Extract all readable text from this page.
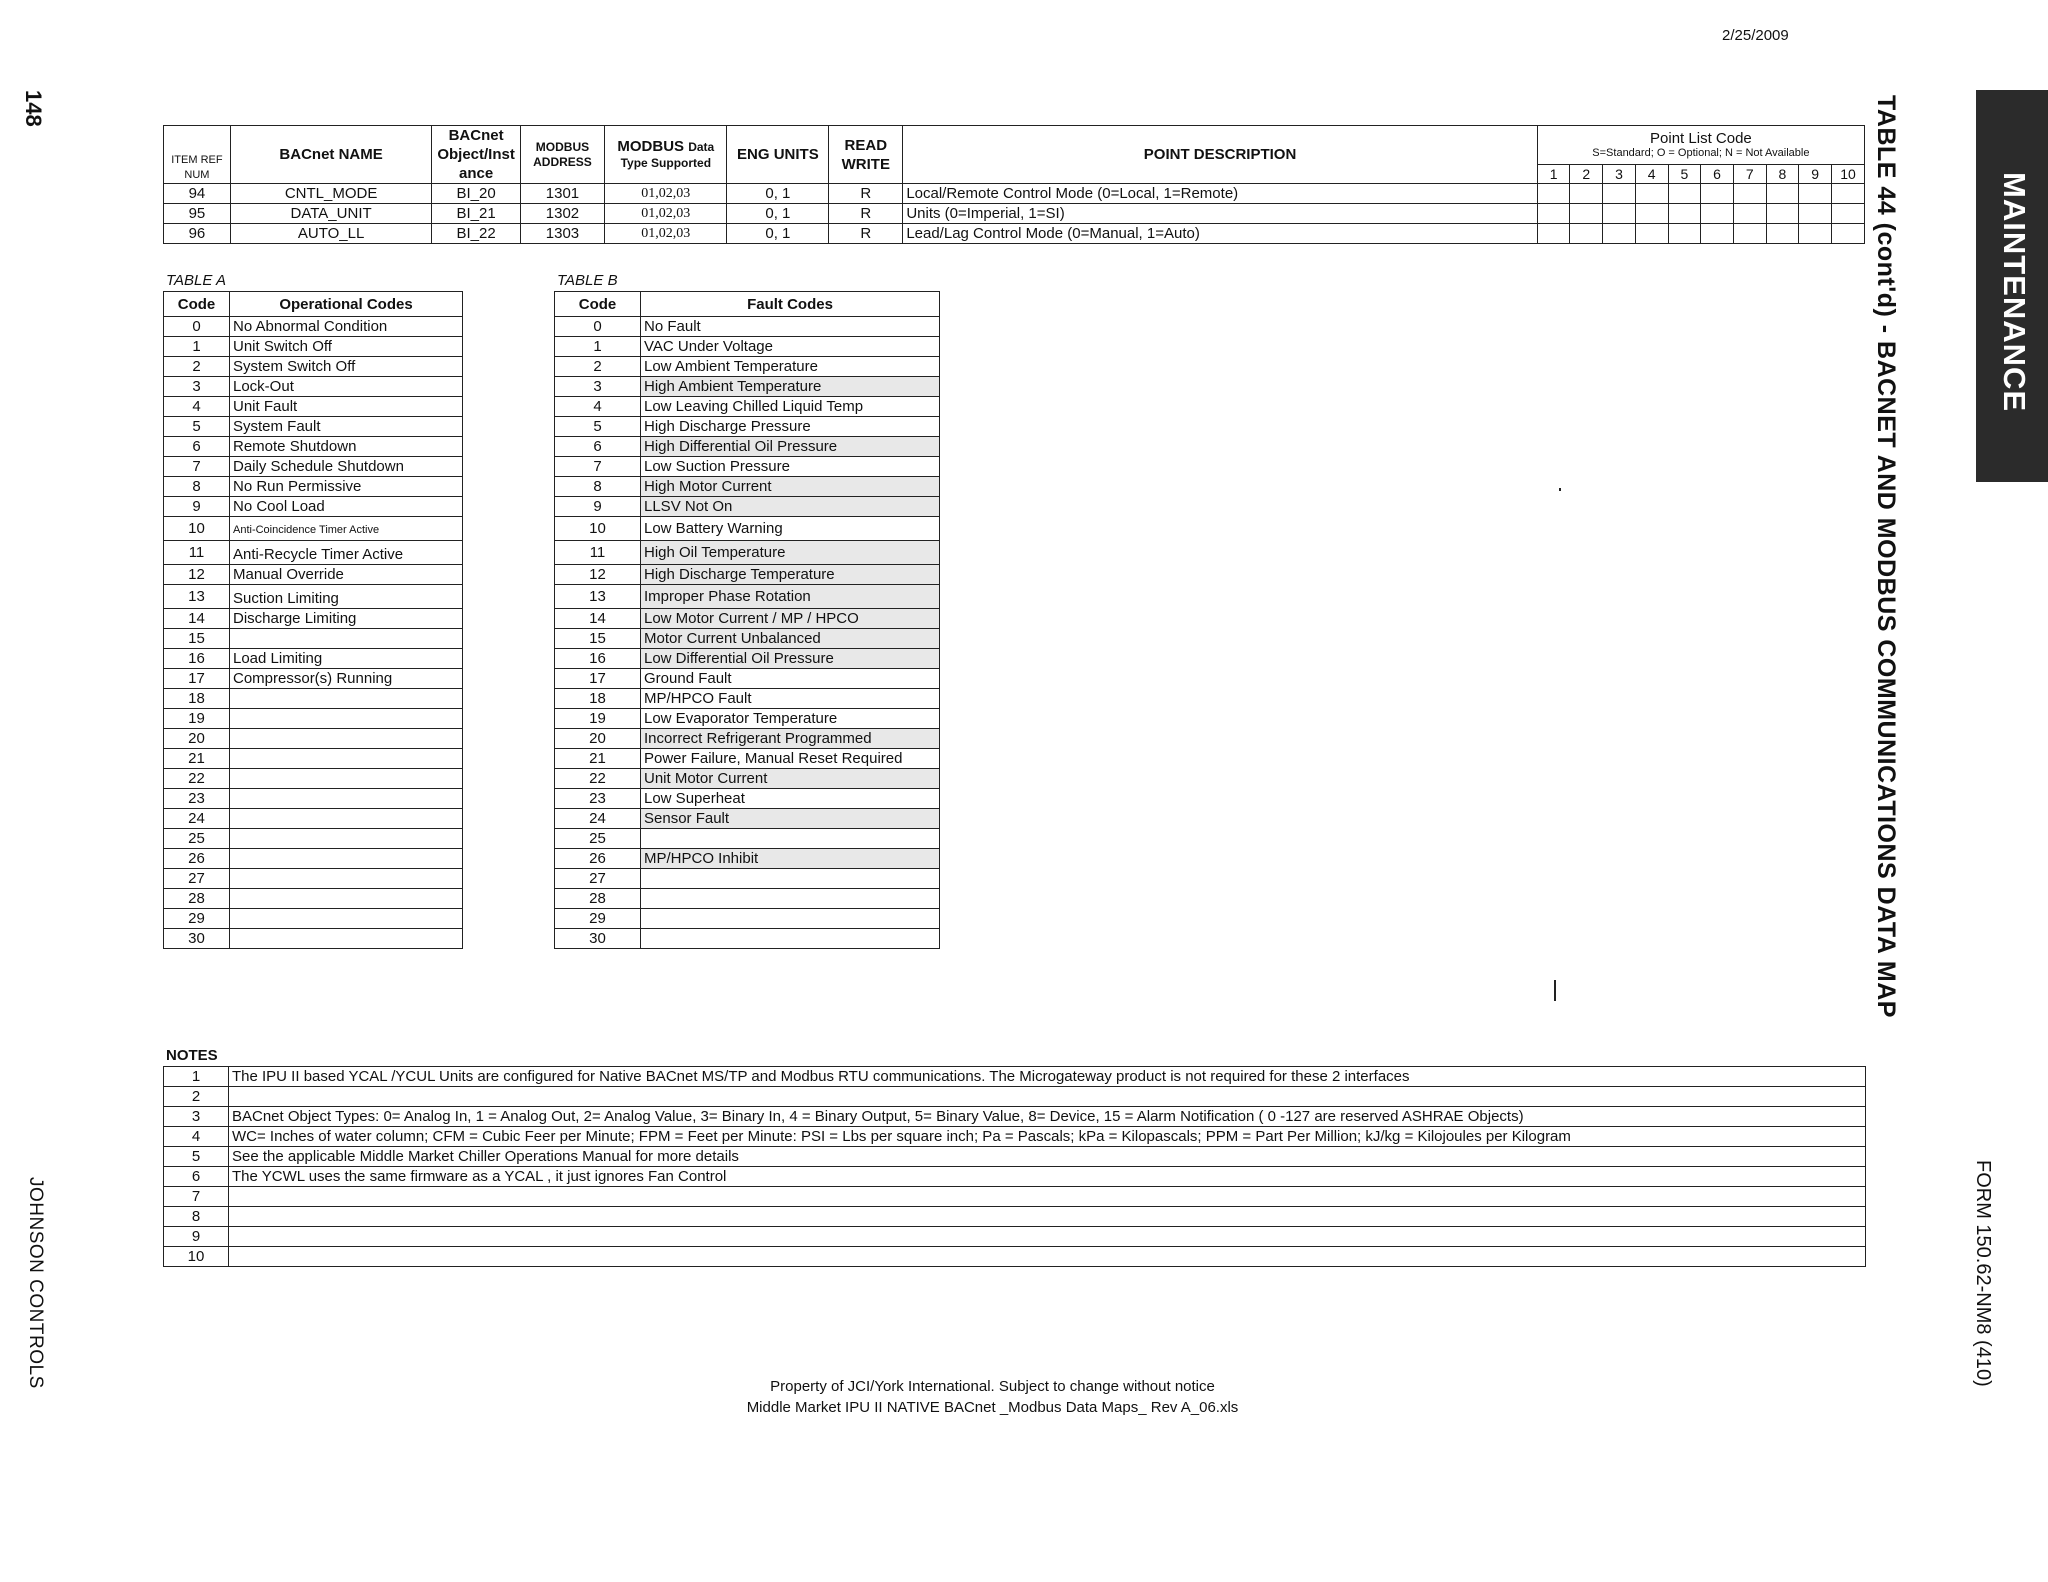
2/25/2009
148
JOHNSON CONTROLS	FORM 150.62-NM8 (410)
TABLE 44 (cont'd) - BACNET AND MODBUS COMMUNICATIONS DATA MAP	MAINTENANCE
ITEM REF NUM	BACnet NAME	BACnet Object/Inst ance	MODBUS ADDRESS	MODBUS Data
Type Supported	ENG UNITS	READ WRITE	POINT DESCRIPTION	Point List Code
S=Standard; O = Optional; N = Not Available									

								1	2	3	4	5	6	7	8	9	10
94	CNTL_MODE	BI_20	1301	01,02,03	0, 1	R	Local/Remote Control Mode (0=Local, 1=Remote)										
95	DATA_UNIT	BI_21	1302	01,02,03	0, 1	R	Units (0=Imperial, 1=SI)										
96	AUTO_LL	BI_22	1303	01,02,03	0, 1	R	Lead/Lag Control Mode (0=Manual, 1=Auto)										
TABLE A
Code	Operational Codes
0	No Abnormal Condition
1	Unit Switch Off
2	System Switch Off
3	Lock-Out
4	Unit Fault
5	System Fault
6	Remote Shutdown
7	Daily Schedule Shutdown
8	No Run Permissive
9	No Cool Load
10	Anti-Coincidence Timer Active
11	Anti-Recycle Timer Active
12	Manual Override
13	Suction Limiting
14	Discharge Limiting
15	
16	Load Limiting
17	Compressor(s) Running
18	
19	
20	
21	
22	
23	
24	
25	
26	
27	
28	
29	
30	
TABLE B
Code	Fault Codes
0	No Fault
1	VAC Under Voltage
2	Low Ambient Temperature
3	High Ambient Temperature
4	Low Leaving Chilled Liquid Temp
5	High Discharge Pressure
6	High Differential Oil Pressure
7	Low Suction Pressure
8	High Motor Current
9	LLSV Not On
10	Low Battery Warning
11	High Oil Temperature
12	High Discharge Temperature
13	Improper Phase Rotation
14	Low Motor Current / MP / HPCO
15	Motor Current Unbalanced
16	Low Differential Oil Pressure
17	Ground Fault
18	MP/HPCO Fault
19	Low Evaporator Temperature
20	Incorrect Refrigerant Programmed
21	Power Failure, Manual Reset Required
22	Unit Motor Current
23	Low Superheat
24	Sensor Fault
25	
26	MP/HPCO Inhibit
27	
28	
29	
30	
NOTES
1	The IPU II based YCAL /YCUL Units are configured for Native BACnet MS/TP and Modbus RTU communications. The Microgateway product is not required for these 2 interfaces
2	
3	BACnet Object Types: 0= Analog In, 1 = Analog Out, 2= Analog Value, 3= Binary In, 4 = Binary Output, 5= Binary Value, 8= Device, 15 = Alarm Notification ( 0 -127 are reserved ASHRAE Objects)
4	WC= Inches of water column; CFM = Cubic Feer per Minute; FPM = Feet per Minute: PSI = Lbs per square inch; Pa = Pascals; kPa = Kilopascals; PPM = Part Per Million; kJ/kg = Kilojoules per Kilogram
5	See the applicable Middle Market Chiller Operations Manual for more details
6	The YCWL uses the same firmware as a YCAL , it just ignores Fan Control
7	
8	
9	
10	
Property of JCI/York International. Subject to change without notice
Middle Market IPU II NATIVE BACnet _Modbus Data Maps_ Rev A_06.xls
